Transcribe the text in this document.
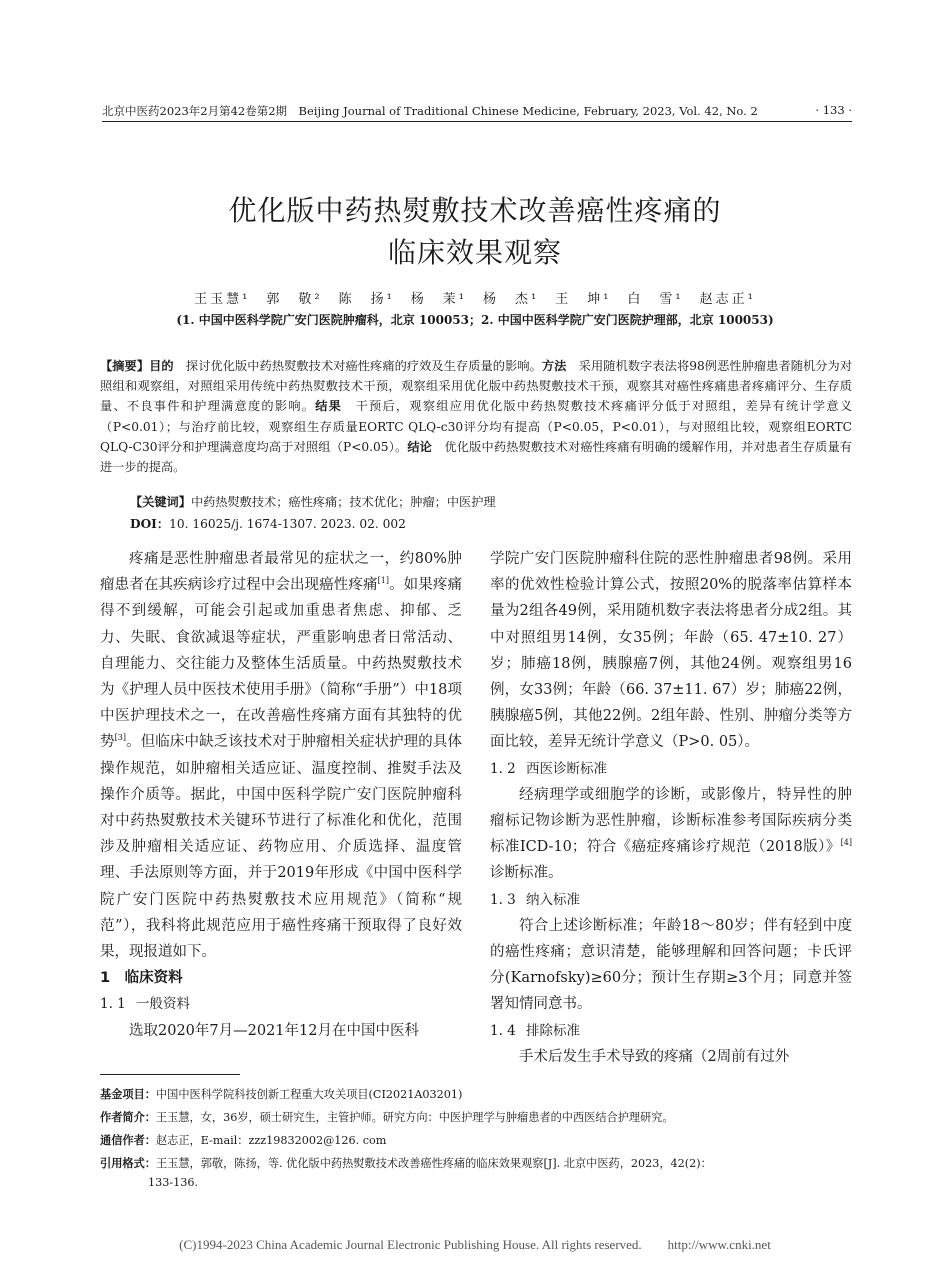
北京中医药2023年2月第42卷第2期　Beijing Journal of Traditional Chinese Medicine, February, 2023, Vol. 42, No. 2	· 133 ·
优化版中药热熨敷技术改善癌性疼痛的
临床效果观察
王玉慧¹　郭　敬²　陈　扬¹　杨　茉¹　杨　杰¹　王　坤¹　白　雪¹　赵志正¹
(1. 中国中医科学院广安门医院肿瘤科，北京 100053；2. 中国中医科学院广安门医院护理部，北京 100053)
【摘要】目的　探讨优化版中药热熨敷技术对癌性疼痛的疗效及生存质量的影响。方法　采用随机数字表法将98例恶性肿瘤患者随机分为对照组和观察组，对照组采用传统中药热熨敷技术干预，观察组采用优化版中药热熨敷技术干预，观察其对癌性疼痛患者疼痛评分、生存质量、不良事件和护理满意度的影响。结果　干预后，观察组应用优化版中药热熨敷技术疼痛评分低于对照组，差异有统计学意义（P<0.01）；与治疗前比较，观察组生存质量EORTC QLQ-c30评分均有提高（P<0.05，P<0.01），与对照组比较，观察组EORTC QLQ-C30评分和护理满意度均高于对照组（P<0.05）。结论　优化版中药热熨敷技术对癌性疼痛有明确的缓解作用，并对患者生存质量有进一步的提高。
【关键词】中药热熨敷技术；癌性疼痛；技术优化；肿瘤；中医护理
DOI：10. 16025/j. 1674-1307. 2023. 02. 002

疼痛是恶性肿瘤患者最常见的症状之一，约80%肿瘤患者在其疾病诊疗过程中会出现癌性疼痛[1]。如果疼痛得不到缓解，可能会引起或加重患者焦虑、抑郁、乏力、失眠、食欲减退等症状，严重影响患者日常活动、自理能力、交往能力及整体生活质量。中药热熨敷技术为《护理人员中医技术使用手册》（简称“手册”）中18项中医护理技术之一，在改善癌性疼痛方面有其独特的优势[3]。但临床中缺乏该技术对于肿瘤相关症状护理的具体操作规范，如肿瘤相关适应证、温度控制、推熨手法及操作介质等。据此，中国中医科学院广安门医院肿瘤科对中药热熨敷技术关键环节进行了标准化和优化，范围涉及肿瘤相关适应证、药物应用、介质选择、温度管理、手法原则等方面，并于2019年形成《中国中医科学院广安门医院中药热熨敷技术应用规范》（简称“规范”），我科将此规范应用于癌性疼痛干预取得了良好效果，现报道如下。

1　临床资料

1. 1 一般资料

选取2020年7月—2021年12月在中国中医科

学院广安门医院肿瘤科住院的恶性肿瘤患者98例。采用率的优效性检验计算公式，按照20%的脱落率估算样本量为2组各49例，采用随机数字表法将患者分成2组。其中对照组男14例，女35例；年龄（65. 47±10. 27）岁；肺癌18例，胰腺癌7例，其他24例。观察组男16例，女33例；年龄（66. 37±11. 67）岁；肺癌22例，胰腺癌5例，其他22例。2组年龄、性别、肿瘤分类等方面比较，差异无统计学意义（P>0. 05）。

1. 2 西医诊断标准

经病理学或细胞学的诊断，或影像片，特异性的肿瘤标记物诊断为恶性肿瘤，诊断标准参考国际疾病分类标准ICD-10；符合《癌症疼痛诊疗规范（2018版）》[4]诊断标准。

1. 3 纳入标准

符合上述诊断标准；年龄18～80岁；伴有轻到中度的癌性疼痛；意识清楚，能够理解和回答问题；卡氏评分(Karnofsky)≥60分；预计生存期≥3个月；同意并签署知情同意书。

1. 4 排除标准

手术后发生手术导致的疼痛（2周前有过外

基金项目：中国中医科学院科技创新工程重大攻关项目(CI2021A03201)
作者简介：王玉慧，女，36岁，硕士研究生，主管护师。研究方向：中医护理学与肿瘤患者的中西医结合护理研究。
通信作者：赵志正，E-mail：zzz19832002@126. com
引用格式：王玉慧，郭敬，陈扬，等. 优化版中药热熨敷技术改善癌性疼痛的临床效果观察[J]. 北京中医药，2023，42(2)：
133-136.
(C)1994-2023 China Academic Journal Electronic Publishing House. All rights reserved.　　http://www.cnki.net
